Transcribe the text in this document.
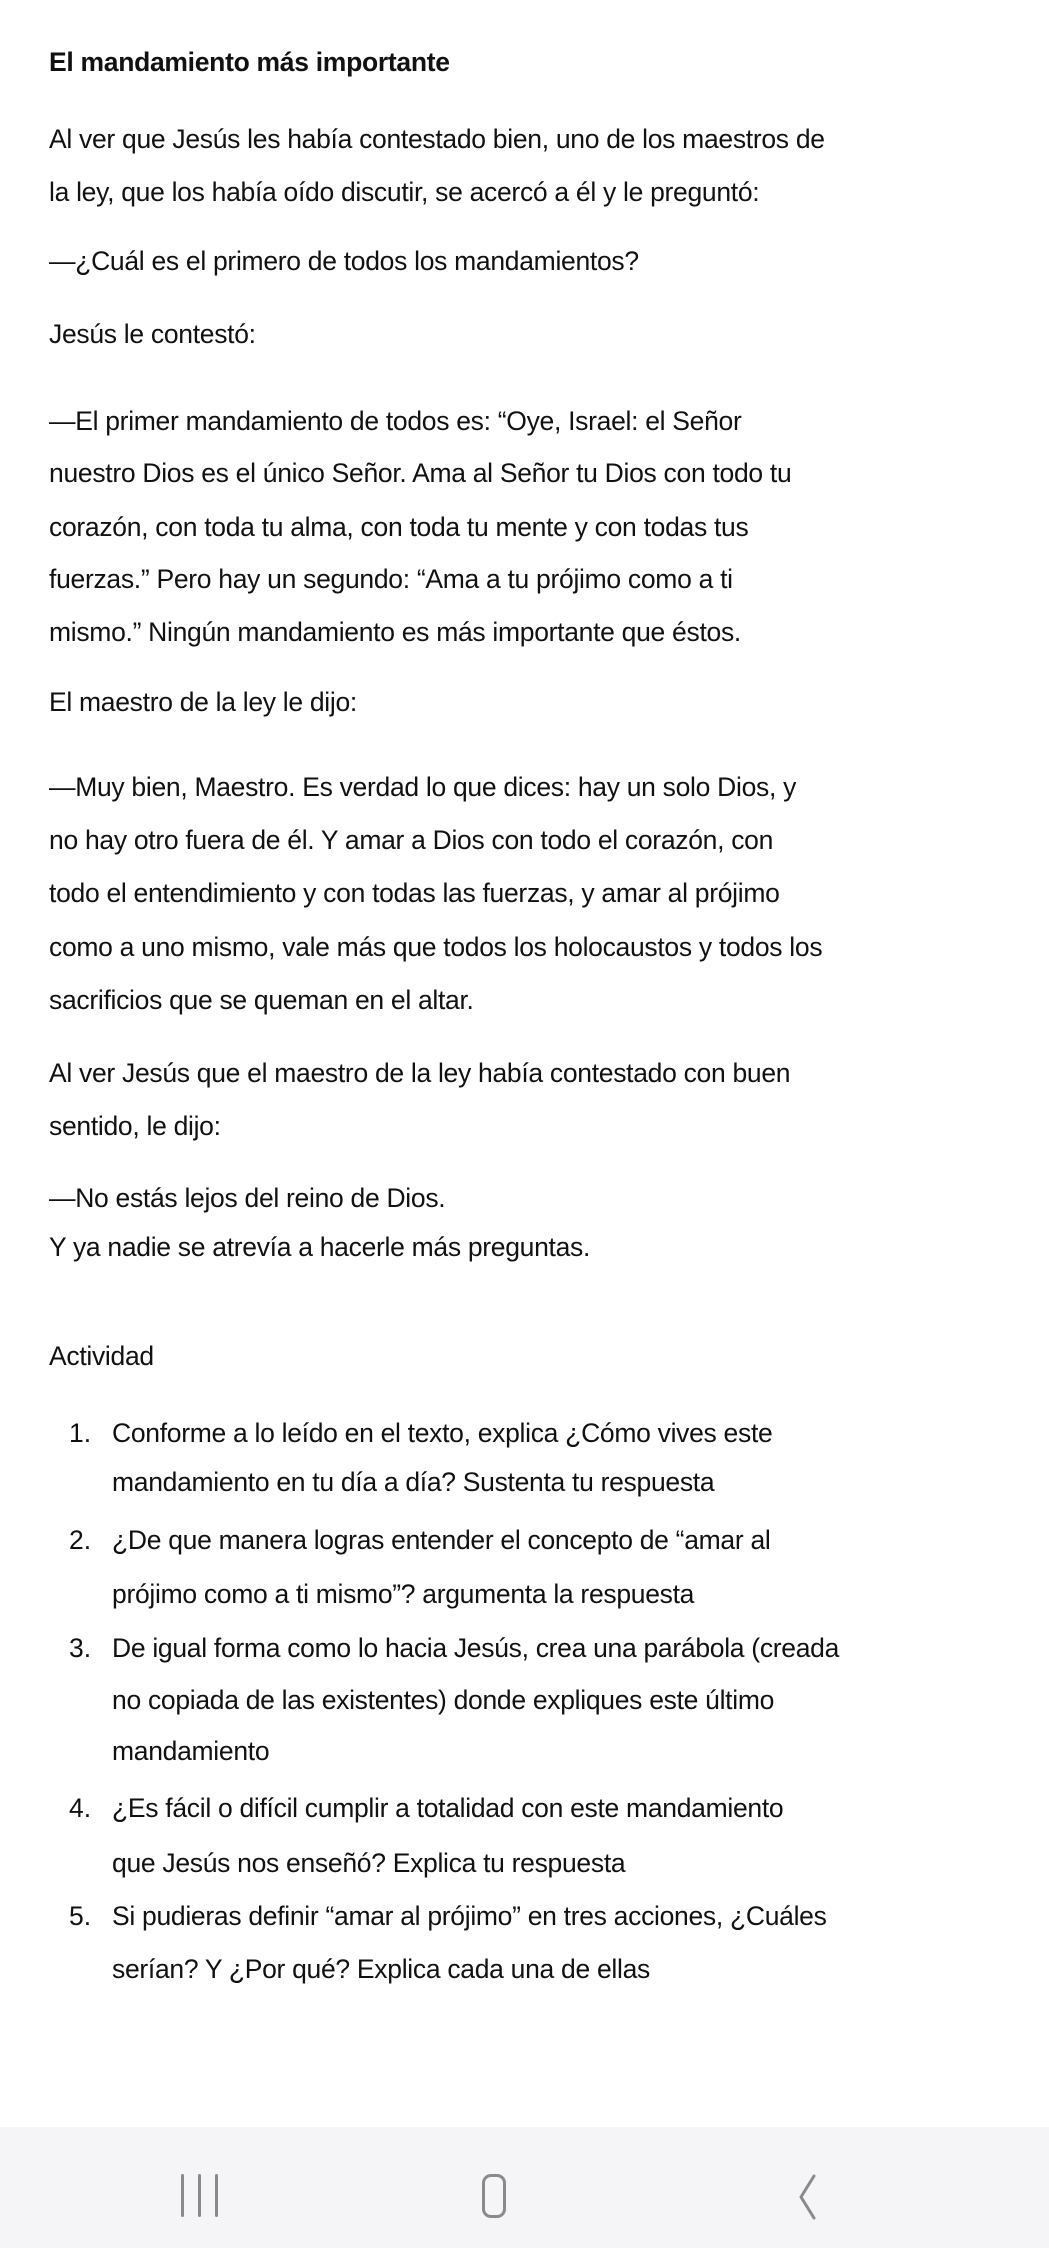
El mandamiento más importante
Al ver que Jesús les había contestado bien, uno de los maestros de
la ley, que los había oído discutir, se acercó a él y le preguntó:
—¿Cuál es el primero de todos los mandamientos?
Jesús le contestó:
—El primer mandamiento de todos es: “Oye, Israel: el Señor
nuestro Dios es el único Señor. Ama al Señor tu Dios con todo tu
corazón, con toda tu alma, con toda tu mente y con todas tus
fuerzas.” Pero hay un segundo: “Ama a tu prójimo como a ti
mismo.” Ningún mandamiento es más importante que éstos.
El maestro de la ley le dijo:
—Muy bien, Maestro. Es verdad lo que dices: hay un solo Dios, y
no hay otro fuera de él. Y amar a Dios con todo el corazón, con
todo el entendimiento y con todas las fuerzas, y amar al prójimo
como a uno mismo, vale más que todos los holocaustos y todos los
sacrificios que se queman en el altar.
Al ver Jesús que el maestro de la ley había contestado con buen
sentido, le dijo:
—No estás lejos del reino de Dios.
Y ya nadie se atrevía a hacerle más preguntas.
Actividad
1. Conforme a lo leído en el texto, explica ¿Cómo vives este
mandamiento en tu día a día? Sustenta tu respuesta
2. ¿De que manera logras entender el concepto de “amar al
prójimo como a ti mismo”? argumenta la respuesta
3. De igual forma como lo hacia Jesús, crea una parábola (creada
no copiada de las existentes) donde expliques este último
mandamiento
4. ¿Es fácil o difícil cumplir a totalidad con este mandamiento
que Jesús nos enseñó? Explica tu respuesta
5. Si pudieras definir “amar al prójimo” en tres acciones, ¿Cuáles
serían? Y ¿Por qué? Explica cada una de ellas
